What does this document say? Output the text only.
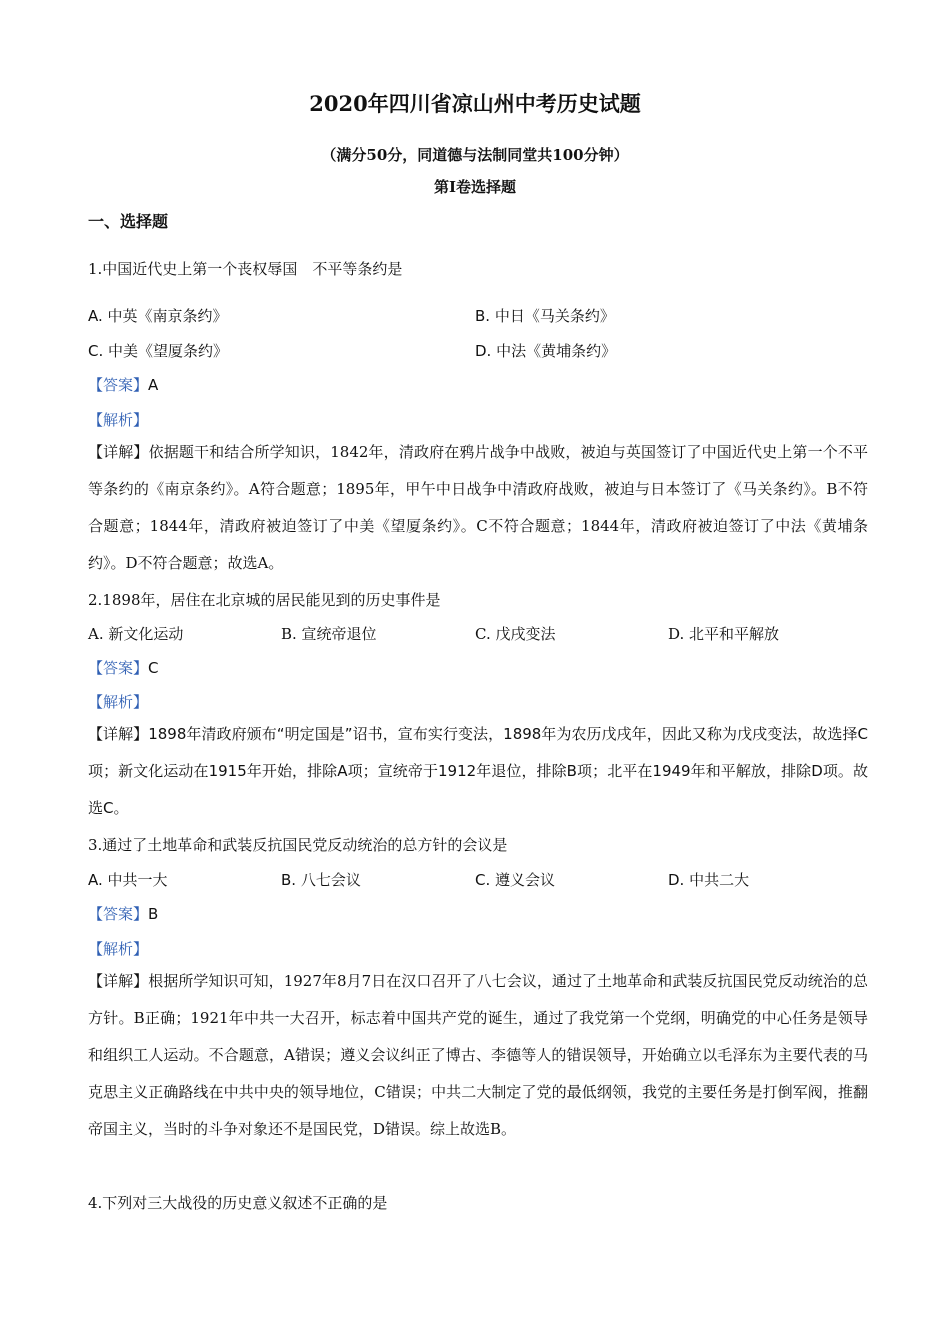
2020年四川省凉山州中考历史试题
（满分50分，同道德与法制同堂共100分钟）
第Ⅰ卷选择题
一、选择题
1.中国近代史上第一个丧权辱国　不平等条约是
A. 中英《南京条约》	B. 中日《马关条约》
C. 中美《望厦条约》	D. 中法《黄埔条约》
【答案】A
【解析】
【详解】依据题干和结合所学知识，1842年，清政府在鸦片战争中战败，被迫与英国签订了中国近代史上第一个不平等条约的《南京条约》。A符合题意；1895年，甲午中日战争中清政府战败，被迫与日本签订了《马关条约》。B不符合题意；1844年，清政府被迫签订了中美《望厦条约》。C不符合题意；1844年，清政府被迫签订了中法《黄埔条约》。D不符合题意；故选A。
2.1898年，居住在北京城的居民能见到的历史事件是
A. 新文化运动	B. 宣统帝退位	C. 戊戌变法	D. 北平和平解放
【答案】C
【解析】
【详解】1898年清政府颁布“明定国是”诏书，宣布实行变法，1898年为农历戊戌年，因此又称为戊戌变法，故选择C项；新文化运动在1915年开始，排除A项；宣统帝于1912年退位，排除B项；北平在1949年和平解放，排除D项。故选C。
3.通过了土地革命和武装反抗国民党反动统治的总方针的会议是
A. 中共一大	B. 八七会议	C. 遵义会议	D. 中共二大
【答案】B
【解析】
【详解】根据所学知识可知，1927年8月7日在汉口召开了八七会议，通过了土地革命和武装反抗国民党反动统治的总方针。B正确；1921年中共一大召开，标志着中国共产党的诞生，通过了我党第一个党纲，明确党的中心任务是领导和组织工人运动。不合题意，A错误；遵义会议纠正了博古、李德等人的错误领导，开始确立以毛泽东为主要代表的马克思主义正确路线在中共中央的领导地位，C错误；中共二大制定了党的最低纲领，我党的主要任务是打倒军阀，推翻帝国主义，当时的斗争对象还不是国民党，D错误。综上故选B。
4.下列对三大战役的历史意义叙述不正确的是
